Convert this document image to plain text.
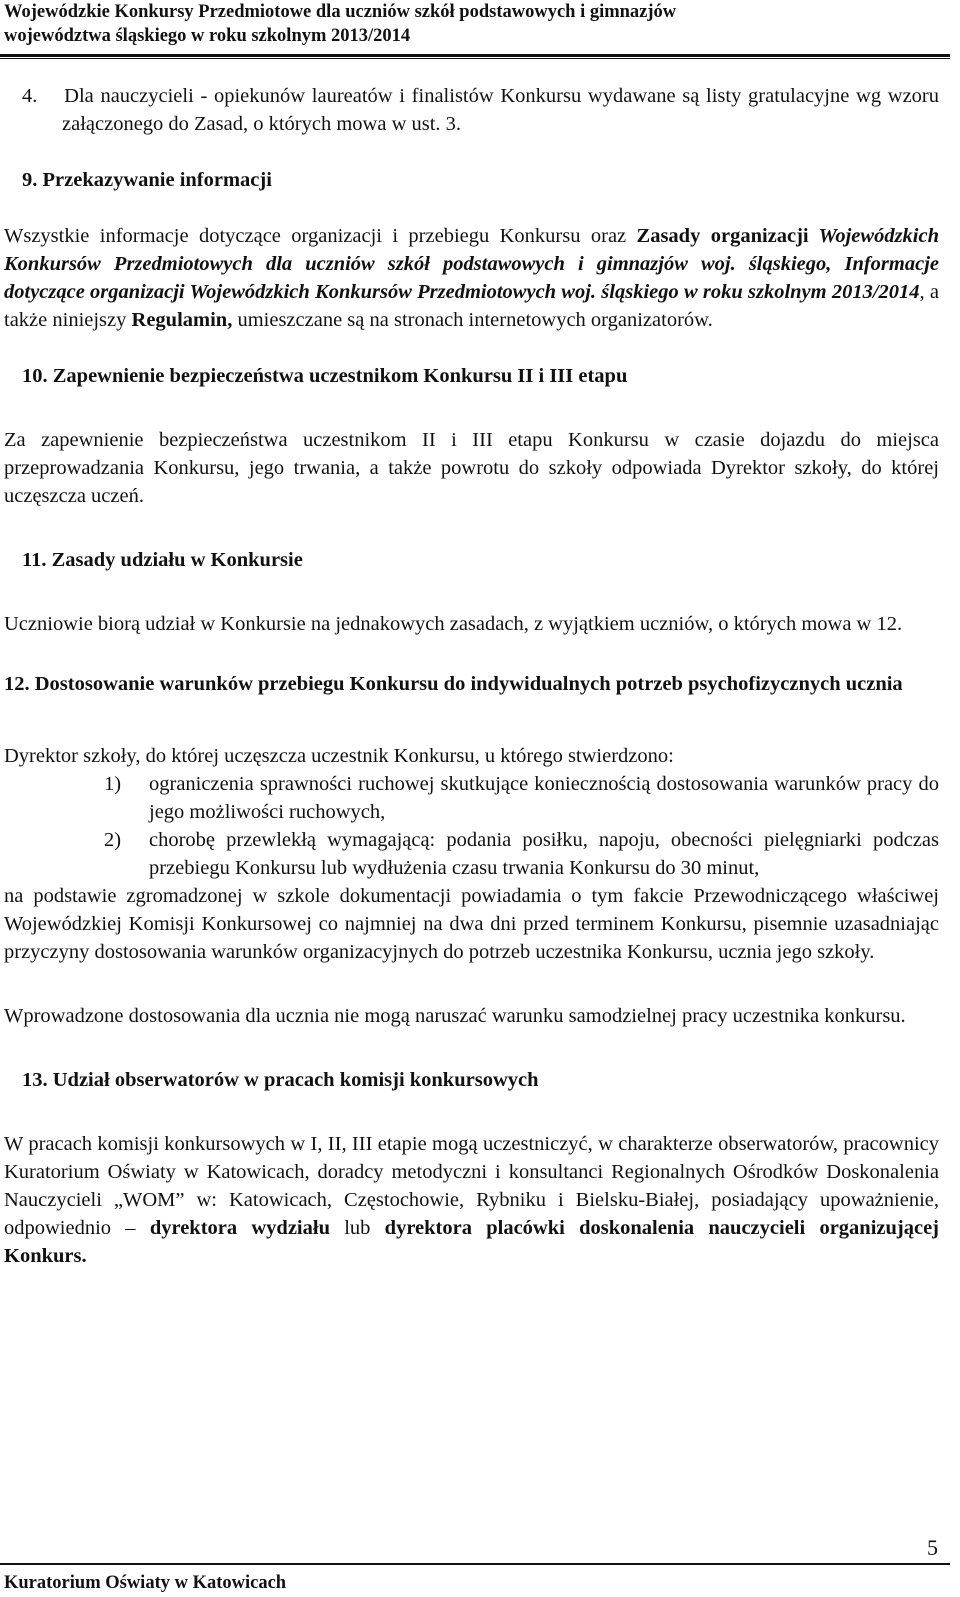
Wojewódzkie Konkursy Przedmiotowe dla uczniów szkół podstawowych i gimnazjów
województwa śląskiego w roku szkolnym 2013/2014

4. Dla nauczycieli - opiekunów laureatów i finalistów Konkursu wydawane są listy gratulacyjne wg wzoru załączonego do Zasad, o których mowa w ust. 3.

9. Przekazywanie informacji

Wszystkie informacje dotyczące organizacji i przebiegu Konkursu oraz Zasady organizacji Wojewódzkich Konkursów Przedmiotowych dla uczniów szkół podstawowych i gimnazjów woj. śląskiego, Informacje dotyczące organizacji Wojewódzkich Konkursów Przedmiotowych woj. śląskiego w roku szkolnym 2013/2014, a także niniejszy Regulamin, umieszczane są na stronach internetowych organizatorów.

10. Zapewnienie bezpieczeństwa uczestnikom Konkursu II i III etapu

Za zapewnienie bezpieczeństwa uczestnikom II i III etapu Konkursu w czasie dojazdu do miejsca przeprowadzania Konkursu, jego trwania, a także powrotu do szkoły odpowiada Dyrektor szkoły, do której uczęszcza uczeń.

11. Zasady udziału w Konkursie

Uczniowie biorą udział w Konkursie na jednakowych zasadach, z wyjątkiem uczniów, o których mowa w 12.

12. Dostosowanie warunków przebiegu Konkursu do indywidualnych potrzeb psychofizycznych ucznia

Dyrektor szkoły, do której uczęszcza uczestnik Konkursu, u którego stwierdzono:

1) ograniczenia sprawności ruchowej skutkujące koniecznością dostosowania warunków pracy do jego możliwości ruchowych,
2) chorobę przewlekłą wymagającą: podania posiłku, napoju, obecności pielęgniarki podczas przebiegu Konkursu lub wydłużenia czasu trwania Konkursu do 30 minut,

na podstawie zgromadzonej w szkole dokumentacji powiadamia o tym fakcie Przewodniczącego właściwej Wojewódzkiej Komisji Konkursowej co najmniej na dwa dni przed terminem Konkursu, pisemnie uzasadniając przyczyny dostosowania warunków organizacyjnych do potrzeb uczestnika Konkursu, ucznia jego szkoły.

Wprowadzone dostosowania dla ucznia nie mogą naruszać warunku samodzielnej pracy uczestnika konkursu.

13. Udział obserwatorów w pracach komisji konkursowych

W pracach komisji konkursowych w I, II, III etapie mogą uczestniczyć, w charakterze obserwatorów, pracownicy Kuratorium Oświaty w Katowicach, doradcy metodyczni i konsultanci Regionalnych Ośrodków Doskonalenia Nauczycieli „WOM” w: Katowicach, Częstochowie, Rybniku i Bielsku-Białej, posiadający upoważnienie, odpowiednio – dyrektora wydziału lub dyrektora placówki doskonalenia nauczycieli organizującej Konkurs.

5
Kuratorium Oświaty w Katowicach
